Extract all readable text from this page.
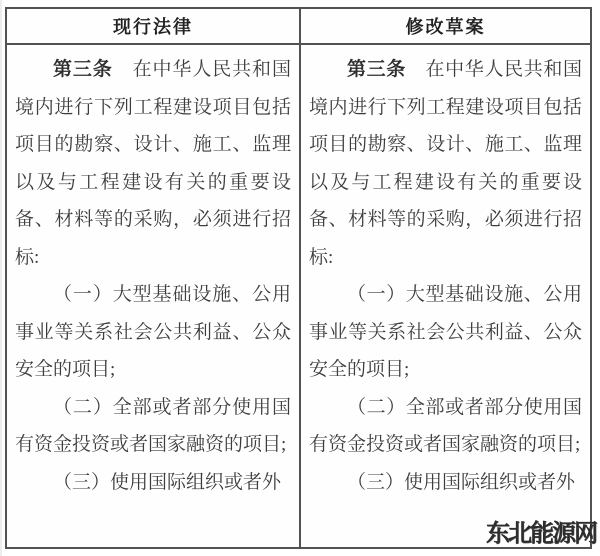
现行法律	修改草案

第三条　 在中华人民共和国境内进行下列工程建设项目包括项目的勘察、设计、施工、监理以及与工程建设有关的重要设备、材料等的采购，必须进行招标:

（一）大型基础设施、公用事业等关系社会公共利益、公众安全的项目;

（二）全部或者部分使用国有资金投资或者国家融资的项目;

（三）使用国际组织或者外

第三条　 在中华人民共和国境内进行下列工程建设项目包括项目的勘察、设计、施工、监理以及与工程建设有关的重要设备、材料等的采购，必须进行招标:

（一）大型基础设施、公用事业等关系社会公共利益、公众安全的项目;

（二）全部或者部分使用国有资金投资或者国家融资的项目;

（三）使用国际组织或者外

东北能源网
